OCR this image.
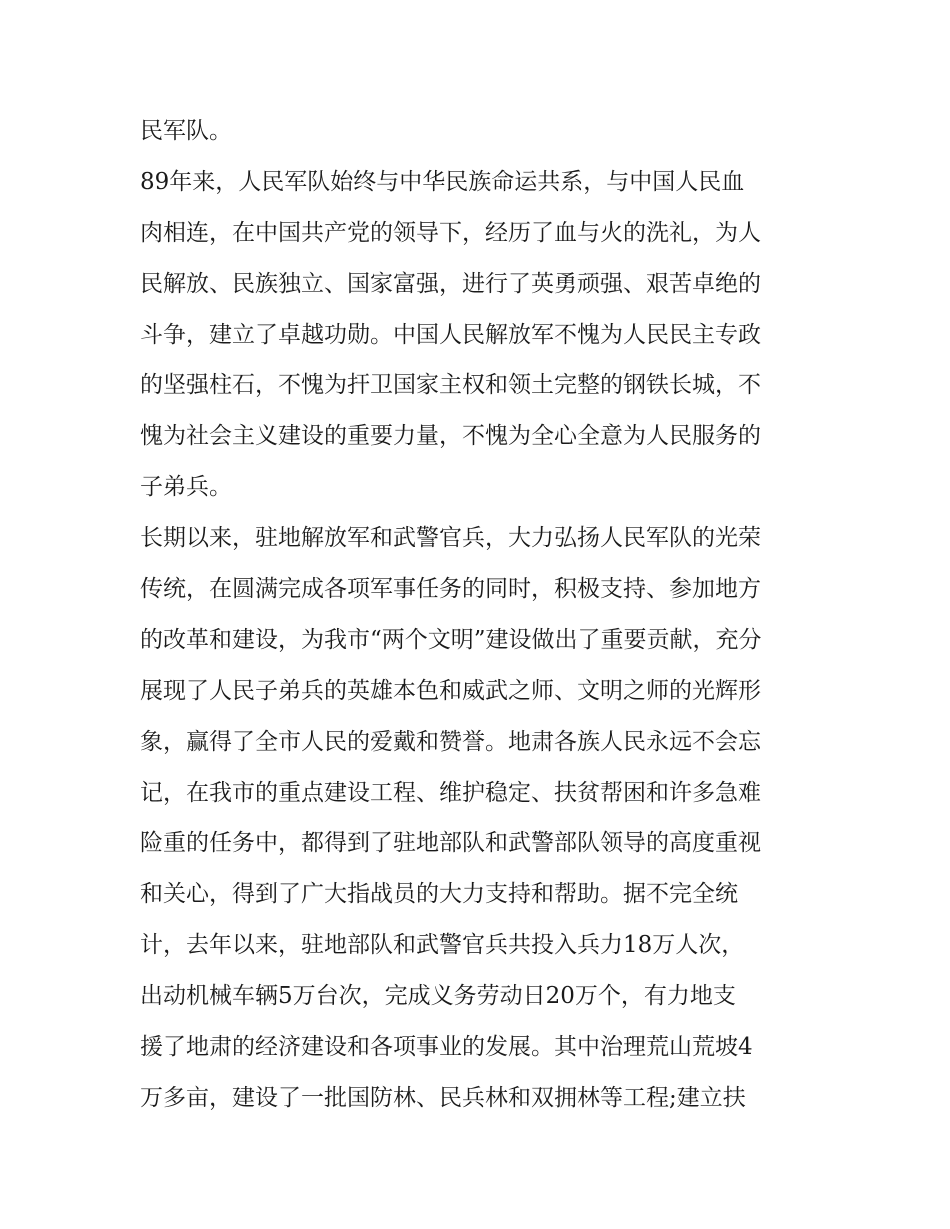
民军队。
89年来，人民军队始终与中华民族命运共系，与中国人民血
肉相连，在中国共产党的领导下，经历了血与火的洗礼，为人
民解放、民族独立、国家富强，进行了英勇顽强、艰苦卓绝的
斗争，建立了卓越功勋。中国人民解放军不愧为人民民主专政
的坚强柱石，不愧为扞卫国家主权和领土完整的钢铁长城，不
愧为社会主义建设的重要力量，不愧为全心全意为人民服务的
子弟兵。
长期以来，驻地解放军和武警官兵，大力弘扬人民军队的光荣
传统，在圆满完成各项军事任务的同时，积极支持、参加地方
的改革和建设，为我市“两个文明”建设做出了重要贡献，充分
展现了人民子弟兵的英雄本色和威武之师、文明之师的光辉形
象，赢得了全市人民的爱戴和赞誉。地肃各族人民永远不会忘
记，在我市的重点建设工程、维护稳定、扶贫帮困和许多急难
险重的任务中，都得到了驻地部队和武警部队领导的高度重视
和关心，得到了广大指战员的大力支持和帮助。据不完全统
计，去年以来，驻地部队和武警官兵共投入兵力18万人次，
出动机械车辆5万台次，完成义务劳动日20万个，有力地支
援了地肃的经济建设和各项事业的发展。其中治理荒山荒坡4
万多亩，建设了一批国防林、民兵林和双拥林等工程;建立扶
